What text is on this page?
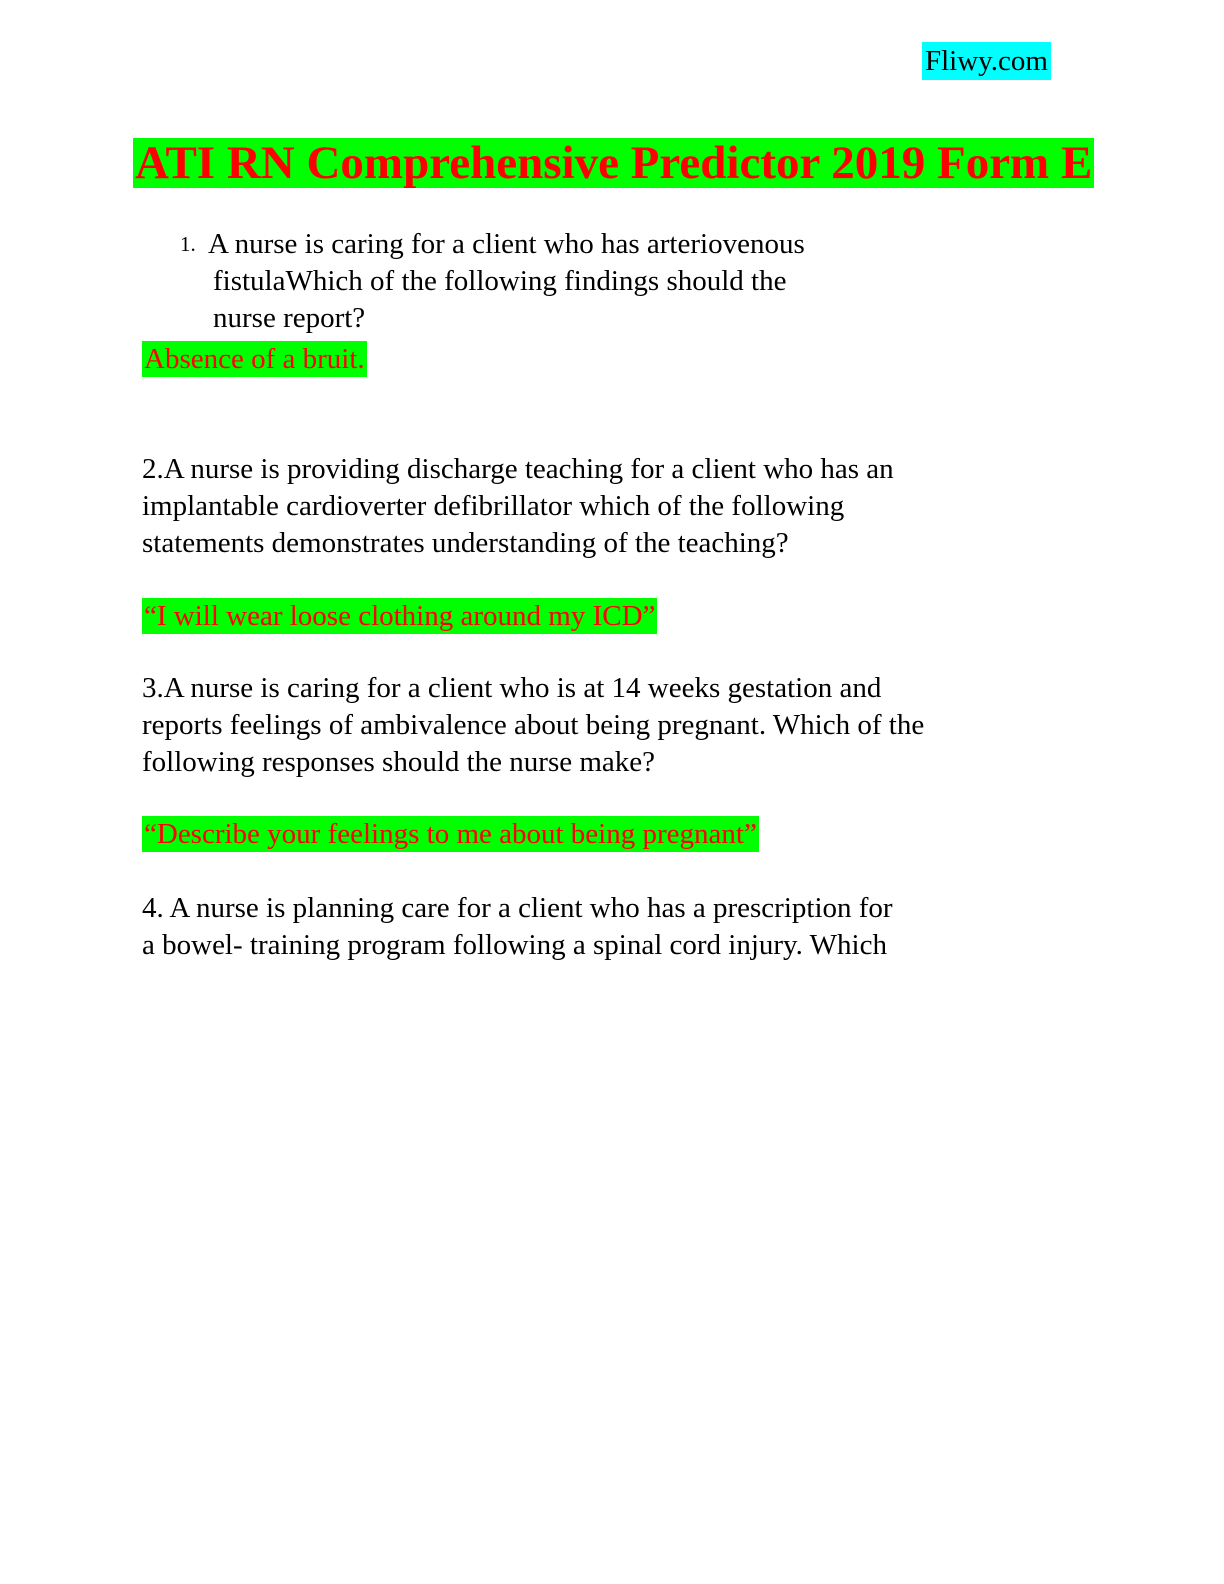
Fliwy.com
ATI RN Comprehensive Predictor 2019 Form E
1. A nurse is caring for a client who has arteriovenous
fistulaWhich of the following findings should the
nurse report?

Absence of a bruit.

2.A nurse is providing discharge teaching for a client who has an
implantable cardioverter defibrillator which of the following
statements demonstrates understanding of the teaching?

“I will wear loose clothing around my ICD”

3.A nurse is caring for a client who is at 14 weeks gestation and
reports feelings of ambivalence about being pregnant. Which of the
following responses should the nurse make?

“Describe your feelings to me about being pregnant”

4. A nurse is planning care for a client who has a prescription for
a bowel- training program following a spinal cord injury. Which
